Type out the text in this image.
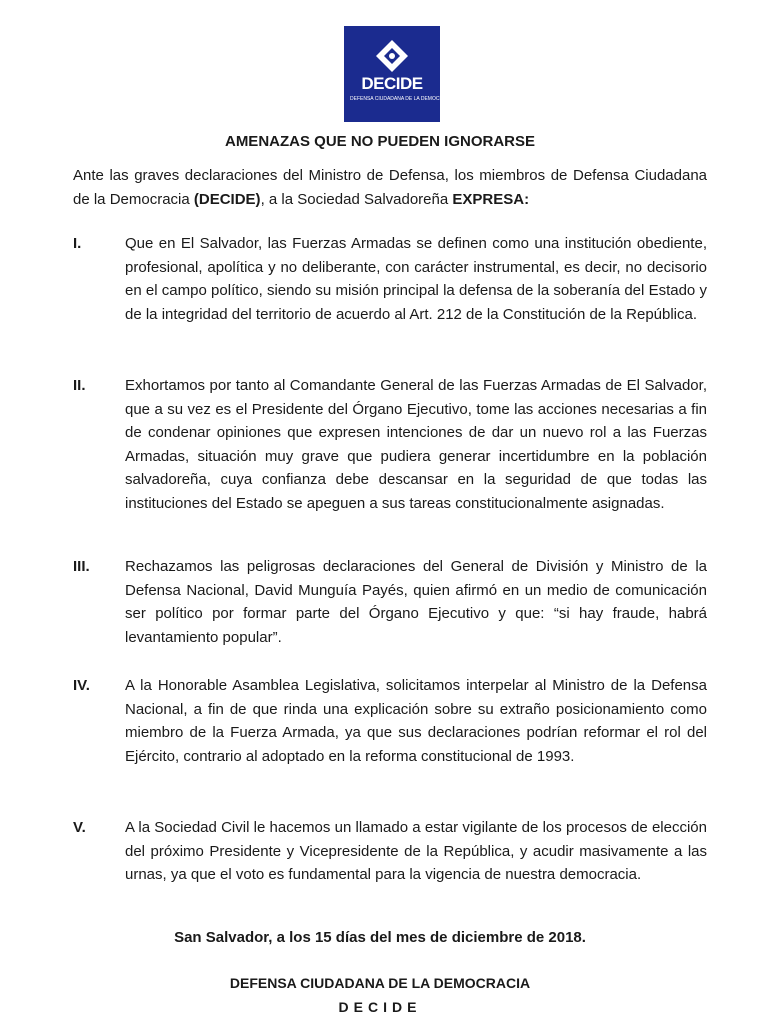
DECIDE
DEFENSA CIUDADANA DE LA DEMOCRACIA
AMENAZAS QUE NO PUEDEN IGNORARSE

Ante las graves declaraciones del Ministro de Defensa, los miembros de Defensa Ciudadana de la Democracia (DECIDE), a la Sociedad Salvadoreña EXPRESA:

I.	Que en El Salvador, las Fuerzas Armadas se definen como una institución obediente, profesional, apolítica y no deliberante, con carácter instrumental, es decir, no decisorio en el campo político, siendo su misión principal la defensa de la soberanía del Estado y de la integridad del territorio de acuerdo al Art. 212 de la Constitución de la República.

II.	Exhortamos por tanto al Comandante General de las Fuerzas Armadas de El Salvador, que a su vez es el Presidente del Órgano Ejecutivo, tome las acciones necesarias a fin de condenar opiniones que expresen intenciones de dar un nuevo rol a las Fuerzas Armadas, situación muy grave que pudiera generar incertidumbre en la población salvadoreña, cuya confianza debe descansar en la seguridad de que todas las instituciones del Estado se apeguen a sus tareas constitucionalmente asignadas.

III. Rechazamos las peligrosas declaraciones del General de División y Ministro de la Defensa Nacional, David Munguía Payés, quien afirmó en un medio de comunicación ser político por formar parte del Órgano Ejecutivo y que: “si hay fraude, habrá levantamiento popular”.

IV. A la Honorable Asamblea Legislativa, solicitamos interpelar al Ministro de la Defensa Nacional, a fin de que rinda una explicación sobre su extraño posicionamiento como miembro de la Fuerza Armada, ya que sus declaraciones podrían reformar el rol del Ejército, contrario al adoptado en la reforma constitucional de 1993.

V.	A la Sociedad Civil le hacemos un llamado a estar vigilante de los procesos de elección del próximo Presidente y Vicepresidente de la República, y acudir masivamente a las urnas, ya que el voto es fundamental para la vigencia de nuestra democracia.

San Salvador, a los 15 días del mes de diciembre de 2018.
DEFENSA CIUDADANA DE LA DEMOCRACIA
DECIDE
